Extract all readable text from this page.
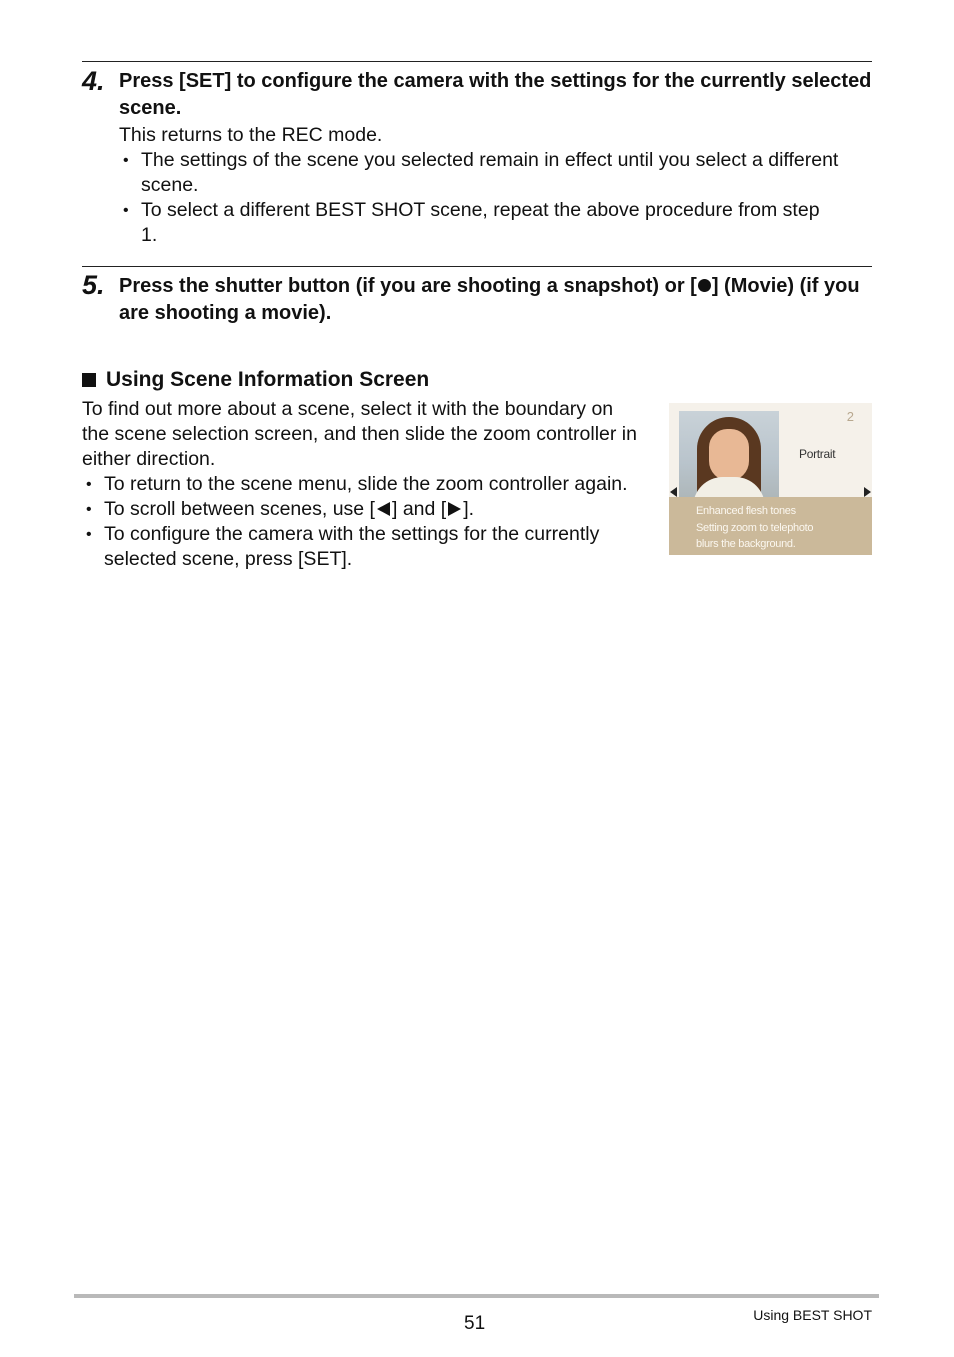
4. Press [SET] to configure the camera with the settings for the currently selected scene.
This returns to the REC mode.
• The settings of the scene you selected remain in effect until you select a different scene.
• To select a different BEST SHOT scene, repeat the above procedure from step 1.
5. Press the shutter button (if you are shooting a snapshot) or [ ] (Movie) (if you are shooting a movie).
Using Scene Information Screen
To find out more about a scene, select it with the boundary on the scene selection screen, and then slide the zoom controller in either direction.
• To return to the scene menu, slide the zoom controller again.
• To scroll between scenes, use [ ] and [ ].
• To configure the camera with the settings for the currently selected scene, press [SET].
2
Portrait
Enhanced flesh tones
Setting zoom to telephoto
blurs the background.
51	Using BEST SHOT
